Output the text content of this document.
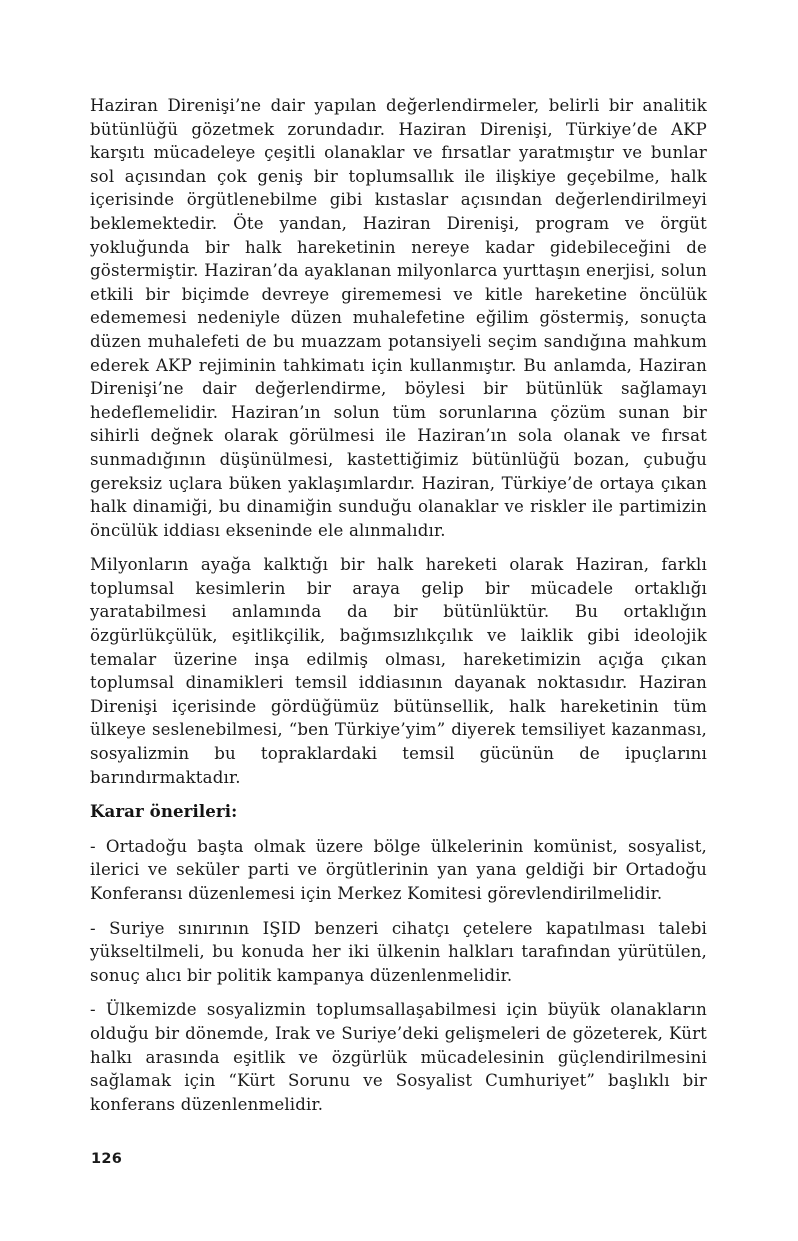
Haziran Direnişi’ne dair yapılan değerlendirmeler, belirli bir analitik bütünlüğü gözetmek zorundadır. Haziran Direnişi, Türkiye’de AKP karşıtı mücadeleye çeşitli olanaklar ve fırsatlar yaratmıştır ve bunlar sol açısından çok geniş bir toplumsallık ile ilişkiye geçebilme, halk içerisinde örgütlenebilme gibi kıstaslar açısından değerlendirilmeyi beklemektedir. Öte yandan, Haziran Direnişi, program ve örgüt yokluğunda bir halk hareketinin nereye kadar gidebileceğini de göstermiştir. Haziran’da ayaklanan milyonlarca yurttaşın enerjisi, solun etkili bir biçimde devreye girememesi ve kitle hareketine öncülük edememesi nedeniyle düzen muhalefetine eğilim göstermiş, sonuçta düzen muhalefeti de bu muazzam potansiyeli seçim sandığına mahkum ederek AKP rejiminin tahkimatı için kullanmıştır. Bu anlamda, Haziran Direnişi’ne dair değerlendirme, böylesi bir bütünlük sağlamayı hedeflemelidir. Haziran’ın solun tüm sorunlarına çözüm sunan bir sihirli değnek olarak görülmesi ile Haziran’ın sola olanak ve fırsat sunmadığının düşünülmesi, kastettiğimiz bütünlüğü bozan, çubuğu gereksiz uçlara büken yaklaşımlardır. Haziran, Türkiye’de ortaya çıkan halk dinamiği, bu dinamiğin sunduğu olanaklar ve riskler ile partimizin öncülük iddiası ekseninde ele alınmalıdır.

Milyonların ayağa kalktığı bir halk hareketi olarak Haziran, farklı toplumsal kesimlerin bir araya gelip bir mücadele ortaklığı yaratabilmesi anlamında da bir bütünlüktür. Bu ortaklığın özgürlükçülük, eşitlikçilik, bağımsızlıkçılık ve laiklik gibi ideolojik temalar üzerine inşa edilmiş olması, hareketimizin açığa çıkan toplumsal dinamikleri temsil iddiasının dayanak noktasıdır. Haziran Direnişi içerisinde gördüğümüz bütünsellik, halk hareketinin tüm ülkeye seslenebilmesi, “ben Türkiye’yim” diyerek temsiliyet kazanması, sosyalizmin bu topraklardaki temsil gücünün de ipuçlarını barındırmaktadır.

Karar önerileri:

- Ortadoğu başta olmak üzere bölge ülkelerinin komünist, sosyalist, ilerici ve seküler parti ve örgütlerinin yan yana geldiği bir Ortadoğu Konferansı düzenlemesi için Merkez Komitesi görevlendirilmelidir.

- Suriye sınırının IŞID benzeri cihatçı çetelere kapatılması talebi yükseltilmeli, bu konuda her iki ülkenin halkları tarafından yürütülen, sonuç alıcı bir politik kampanya düzenlenmelidir.

- Ülkemizde sosyalizmin toplumsallaşabilmesi için büyük olanakların olduğu bir dönemde, Irak ve Suriye’deki gelişmeleri de gözeterek, Kürt halkı arasında eşitlik ve özgürlük mücadelesinin güçlendirilmesini sağlamak için “Kürt Sorunu ve Sosyalist Cumhuriyet” başlıklı bir konferans düzenlenmelidir.

126
